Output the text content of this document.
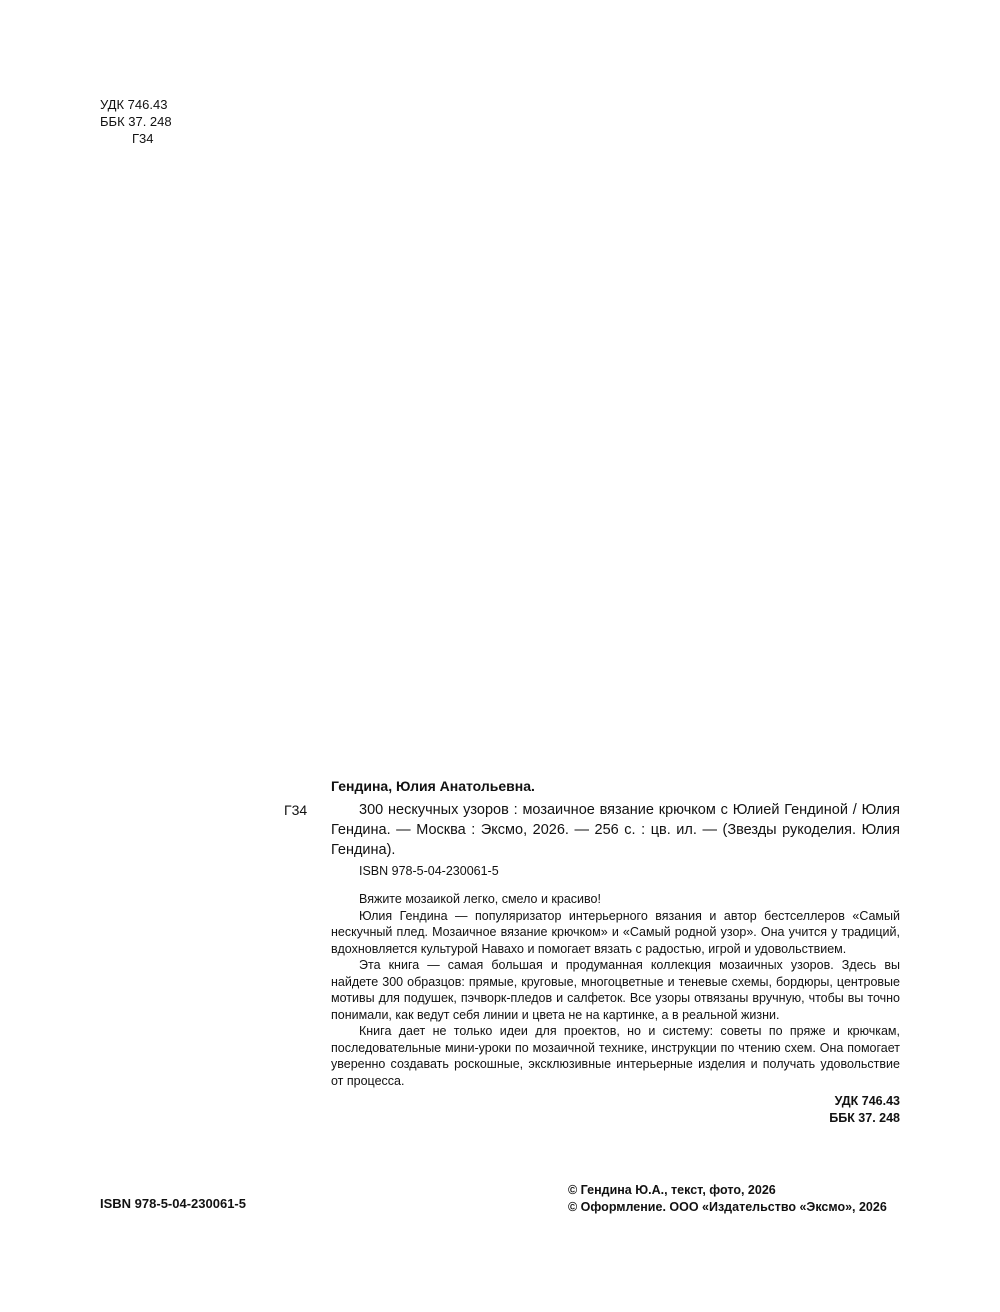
УДК 746.43
ББК 37. 248
Г34
Гендина, Юлия Анатольевна.
Г34	300 нескучных узоров : мозаичное вязание крючком с Юлией Гендиной / Юлия Гендина. — Москва : Эксмо, 2026. — 256 с. : цв. ил. — (Звезды рукоделия. Юлия Гендина).
ISBN 978-5-04-230061-5

Вяжите мозаикой легко, смело и красиво!

Юлия Гендина — популяризатор интерьерного вязания и автор бестселлеров «Самый нескучный плед. Мозаичное вязание крючком» и «Самый родной узор». Она учится у традиций, вдохновляется культурой Навахо и помогает вязать с радостью, игрой и удовольствием.

Эта книга — самая большая и продуманная коллекция мозаичных узоров. Здесь вы найдете 300 образцов: прямые, круговые, многоцветные и теневые схемы, бордюры, центровые мотивы для подушек, пэчворк-пледов и салфеток. Все узоры отвязаны вручную, чтобы вы точно понимали, как ведут себя линии и цвета не на картинке, а в реальной жизни.

Книга дает не только идеи для проектов, но и систему: советы по пряже и крючкам, последовательные мини-уроки по мозаичной технике, инструкции по чтению схем. Она помогает уверенно создавать роскошные, эксклюзивные интерьерные изделия и получать удовольствие от процесса.

УДК 746.43
ББК 37. 248
ISBN 978-5-04-230061-5
© Гендина Ю.А., текст, фото, 2026
© Оформление. ООО «Издательство «Эксмо», 2026
